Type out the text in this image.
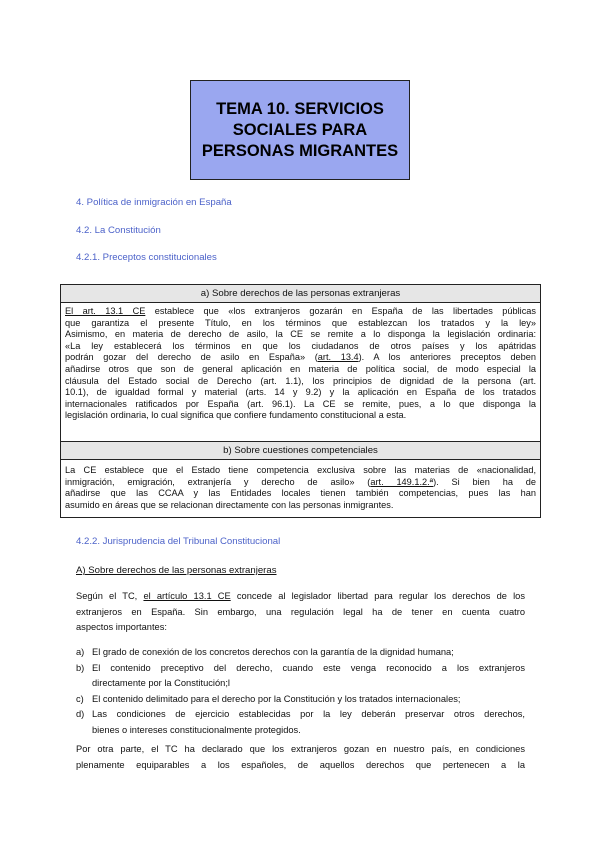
TEMA 10. SERVICIOS
SOCIALES PARA
PERSONAS MIGRANTES
4. Política de inmigración en España
4.2. La Constitución
4.2.1. Preceptos constitucionales
a) Sobre derechos de las personas extranjeras
El art. 13.1 CE establece que «los extranjeros gozarán en España de las libertades públicas
que garantiza el presente Título, en los términos que establezcan los tratados y la ley»
Asimismo, en materia de derecho de asilo, la CE se remite a lo disponga la legislación ordinaria:
«La ley establecerá los términos en que los ciudadanos de otros países y los apátridas
podrán gozar del derecho de asilo en España» (art. 13.4). A los anteriores preceptos deben
añadirse otros que son de general aplicación en materia de política social, de modo especial la
cláusula del Estado social de Derecho (art. 1.1), los principios de dignidad de la persona (art.
10.1), de igualdad formal y material (arts. 14 y 9.2) y la aplicación en España de los tratados
internacionales ratificados por España (art. 96.1). La CE se remite, pues, a lo que disponga la
legislación ordinaria, lo cual significa que confiere fundamento constitucional a esta.
b) Sobre cuestiones competenciales
La CE establece que el Estado tiene competencia exclusiva sobre las materias de «nacionalidad,
inmigración, emigración, extranjería y derecho de asilo» (art. 149.1.2.ª). Si bien ha de
añadirse que las CCAA y las Entidades locales tienen también competencias, pues las han
asumido en áreas que se relacionan directamente con las personas inmigrantes.
4.2.2. Jurisprudencia del Tribunal Constitucional
A) Sobre derechos de las personas extranjeras
Según el TC, el artículo 13.1 CE concede al legislador libertad para regular los derechos de los
extranjeros en España. Sin embargo, una regulación legal ha de tener en cuenta cuatro
aspectos importantes:
a) El grado de conexión de los concretos derechos con la garantía de la dignidad humana;
b) El contenido preceptivo del derecho, cuando este venga reconocido a los extranjeros
directamente por la Constitución;l
c) El contenido delimitado para el derecho por la Constitución y los tratados internacionales;
d) Las condiciones de ejercicio establecidas por la ley deberán preservar otros derechos,
bienes o intereses constitucionalmente protegidos.
Por otra parte, el TC ha declarado que los extranjeros gozan en nuestro país, en condiciones
plenamente equiparables a los españoles, de aquellos derechos que pertenecen a la
